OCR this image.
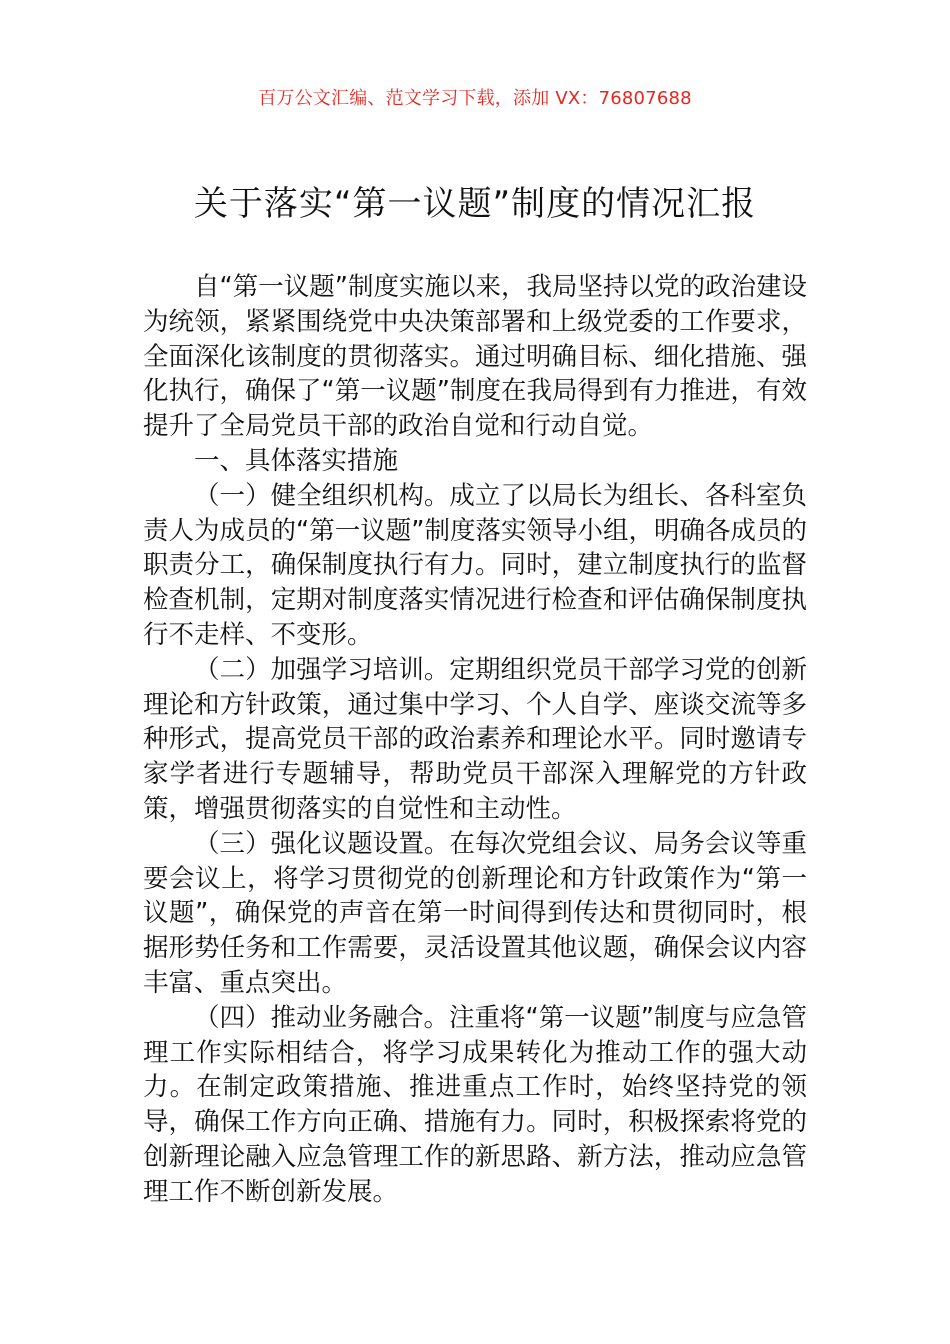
百万公文汇编、范文学习下载，添加 VX：76807688
关于落实“第一议题”制度的情况汇报

自“第一议题”制度实施以来，我局坚持以党的政治建设为统领，紧紧围绕党中央决策部署和上级党委的工作要求，全面深化该制度的贯彻落实。通过明确目标、细化措施、强化执行，确保了“第一议题”制度在我局得到有力推进，有效提升了全局党员干部的政治自觉和行动自觉。

一、具体落实措施

（一）健全组织机构。成立了以局长为组长、各科室负责人为成员的“第一议题”制度落实领导小组，明确各成员的职责分工，确保制度执行有力。同时，建立制度执行的监督检查机制，定期对制度落实情况进行检查和评估确保制度执行不走样、不变形。

（二）加强学习培训。定期组织党员干部学习党的创新理论和方针政策，通过集中学习、个人自学、座谈交流等多种形式，提高党员干部的政治素养和理论水平。同时邀请专家学者进行专题辅导，帮助党员干部深入理解党的方针政策，增强贯彻落实的自觉性和主动性。

（三）强化议题设置。在每次党组会议、局务会议等重要会议上，将学习贯彻党的创新理论和方针政策作为“第一议题”，确保党的声音在第一时间得到传达和贯彻同时，根据形势任务和工作需要，灵活设置其他议题，确保会议内容丰富、重点突出。

（四）推动业务融合。注重将“第一议题”制度与应急管理工作实际相结合，将学习成果转化为推动工作的强大动力。在制定政策措施、推进重点工作时，始终坚持党的领导，确保工作方向正确、措施有力。同时，积极探索将党的创新理论融入应急管理工作的新思路、新方法，推动应急管理工作不断创新发展。
